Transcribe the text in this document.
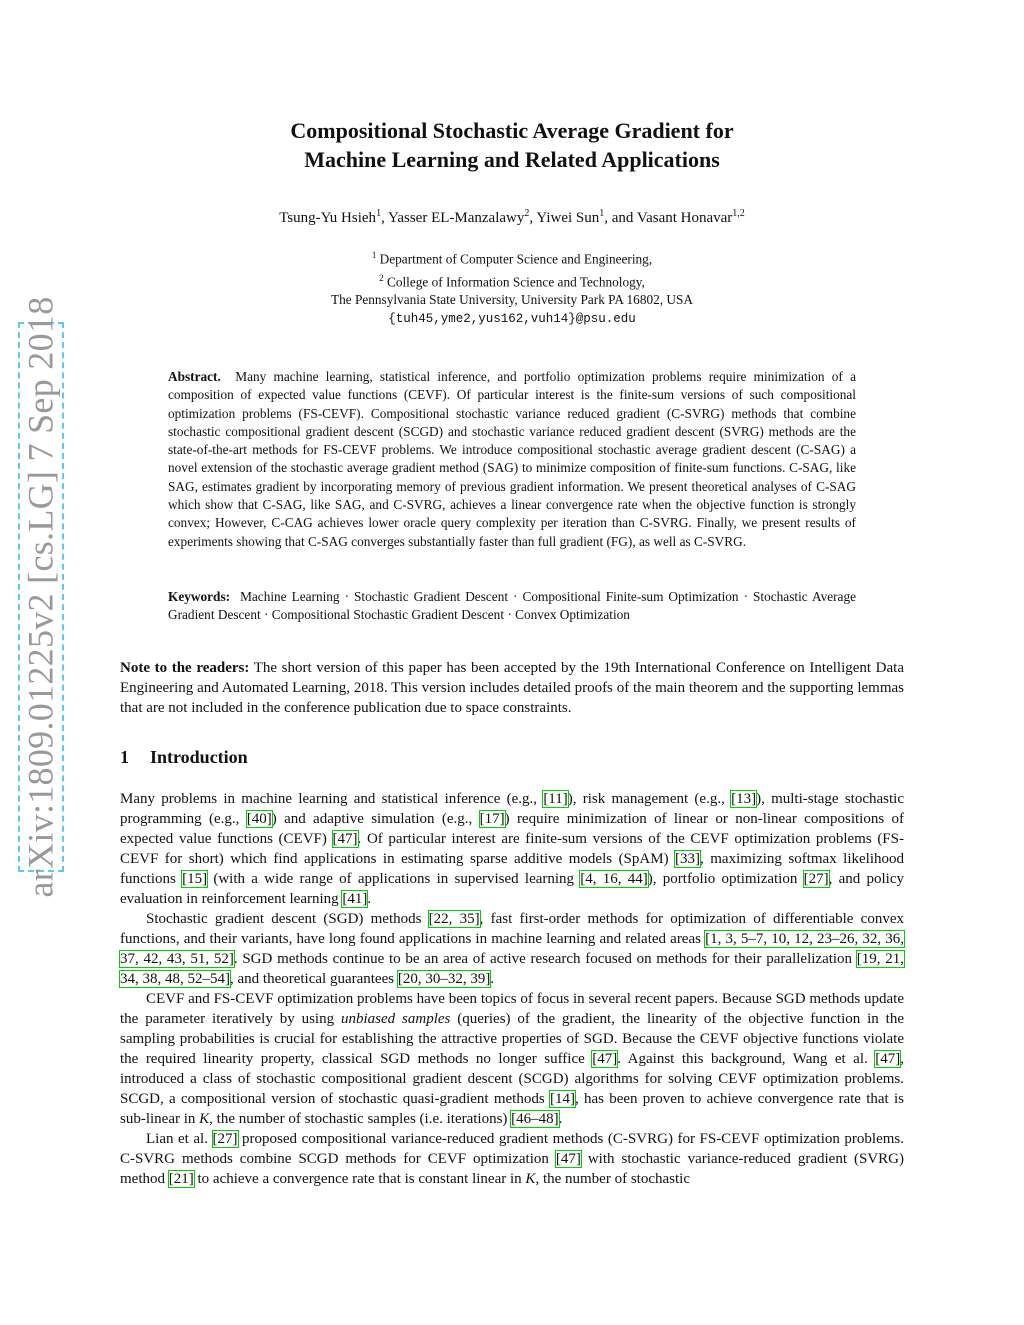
arXiv:1809.01225v2 [cs.LG] 7 Sep 2018
Compositional Stochastic Average Gradient for
Machine Learning and Related Applications
Tsung-Yu Hsieh$^1$, Yasser EL-Manzalawy$^2$, Yiwei Sun$^1$, and Vasant Honavar$^{1,2}$
$^1$ Department of Computer Science and Engineering,
$^2$ College of Information Science and Technology,
The Pennsylvania State University, University Park PA 16802, USA
{tuh45,yme2,yus162,vuh14}@psu.edu
Abstract. Many machine learning, statistical inference, and portfolio optimization problems require minimization of a composition of expected value functions (CEVF). Of particular interest is the finite-sum versions of such compositional optimization problems (FS-CEVF). Compositional stochastic variance reduced gradient (C-SVRG) methods that combine stochastic compositional gradient descent (SCGD) and stochastic variance reduced gradient descent (SVRG) methods are the state-of-the-art methods for FS-CEVF problems. We introduce compositional stochastic average gradient descent (C-SAG) a novel extension of the stochastic average gradient method (SAG) to minimize composition of finite-sum functions. C-SAG, like SAG, estimates gradient by incorporating memory of previous gradient information. We present theoretical analyses of C-SAG which show that C-SAG, like SAG, and C-SVRG, achieves a linear convergence rate when the objective function is strongly convex; However, C-CAG achieves lower oracle query complexity per iteration than C-SVRG. Finally, we present results of experiments showing that C-SAG converges substantially faster than full gradient (FG), as well as C-SVRG.
Keywords: Machine Learning · Stochastic Gradient Descent · Compositional Finite-sum Optimization · Stochastic Average Gradient Descent · Compositional Stochastic Gradient Descent · Convex Optimization
Note to the readers: The short version of this paper has been accepted by the 19th International Conference on Intelligent Data Engineering and Automated Learning, 2018. This version includes detailed proofs of the main theorem and the supporting lemmas that are not included in the conference publication due to space constraints.
1 Introduction

Many problems in machine learning and statistical inference (e.g., [11]), risk management (e.g., [13]), multi-stage stochastic programming (e.g., [40]) and adaptive simulation (e.g., [17]) require minimization of linear or non-linear compositions of expected value functions (CEVF) [47]. Of particular interest are finite-sum versions of the CEVF optimization problems (FS-CEVF for short) which find applications in estimating sparse additive models (SpAM) [33], maximizing softmax likelihood functions [15] (with a wide range of applications in supervised learning [4, 16, 44]), portfolio optimization [27], and policy evaluation in reinforcement learning [41].

Stochastic gradient descent (SGD) methods [22, 35], fast first-order methods for optimization of differentiable convex functions, and their variants, have long found applications in machine learning and related areas [1, 3, 5–7, 10, 12, 23–26, 32, 36, 37, 42, 43, 51, 52]. SGD methods continue to be an area of active research focused on methods for their parallelization [19, 21, 34, 38, 48, 52–54], and theoretical guarantees [20, 30–32, 39].

CEVF and FS-CEVF optimization problems have been topics of focus in several recent papers. Because SGD methods update the parameter iteratively by using unbiased samples (queries) of the gradient, the linearity of the objective function in the sampling probabilities is crucial for establishing the attractive properties of SGD. Because the CEVF objective functions violate the required linearity property, classical SGD methods no longer suffice [47]. Against this background, Wang et al. [47], introduced a class of stochastic compositional gradient descent (SCGD) algorithms for solving CEVF optimization problems. SCGD, a compositional version of stochastic quasi-gradient methods [14], has been proven to achieve convergence rate that is sub-linear in K, the number of stochastic samples (i.e. iterations) [46–48].

Lian et al. [27] proposed compositional variance-reduced gradient methods (C-SVRG) for FS-CEVF optimization problems. C-SVRG methods combine SCGD methods for CEVF optimization [47] with stochastic variance-reduced gradient (SVRG) method [21] to achieve a convergence rate that is constant linear in K, the number of stochastic
